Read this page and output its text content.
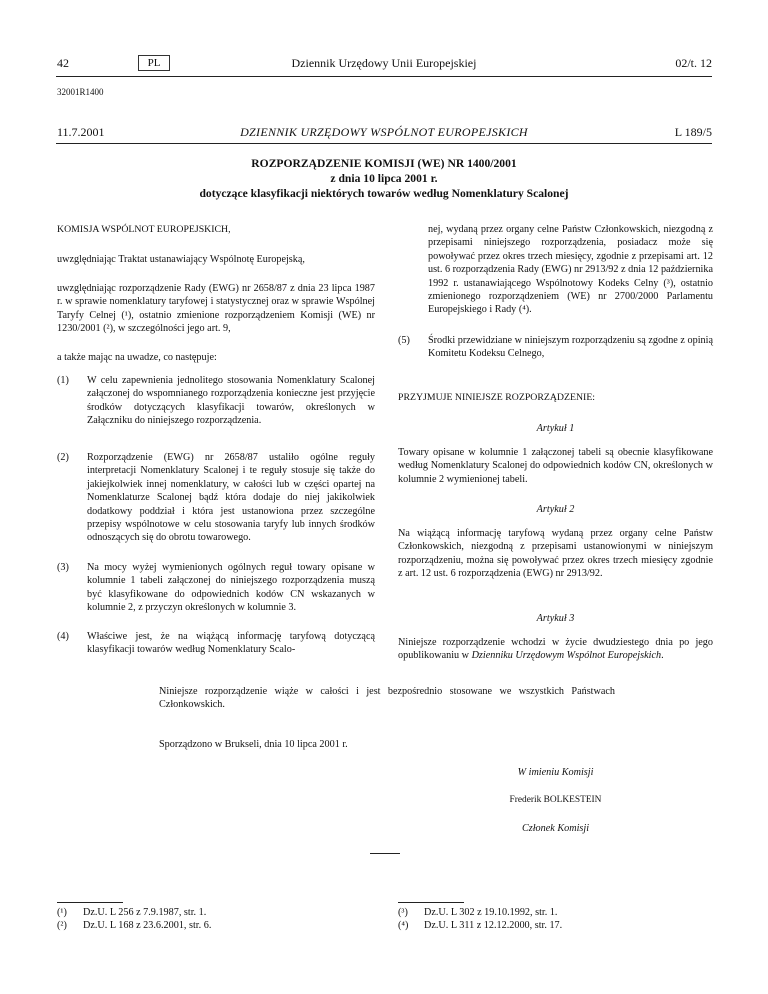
42	PL	Dziennik Urzędowy Unii Europejskiej	02/t. 12
32001R1400
11.7.2001	DZIENNIK URZĘDOWY WSPÓLNOT EUROPEJSKICH	L 189/5
ROZPORZĄDZENIE KOMISJI (WE) NR 1400/2001
z dnia 10 lipca 2001 r.
dotyczące klasyfikacji niektórych towarów według Nomenklatury Scalonej
KOMISJA WSPÓLNOT EUROPEJSKICH,
uwzględniając Traktat ustanawiający Wspólnotę Europejską,
uwzględniając rozporządzenie Rady (EWG) nr 2658/87 z dnia 23 lipca 1987 r. w sprawie nomenklatury taryfowej i statystycznej oraz w sprawie Wspólnej Taryfy Celnej (¹), ostatnio zmienione rozporządzeniem Komisji (WE) nr 1230/2001 (²), w szczególności jego art. 9,
a także mając na uwadze, co następuje:
(1) W celu zapewnienia jednolitego stosowania Nomenklatury Scalonej załączonej do wspomnianego rozporządzenia konieczne jest przyjęcie środków dotyczących klasyfikacji towarów, określonych w Załączniku do niniejszego rozporządzenia.
(2) Rozporządzenie (EWG) nr 2658/87 ustaliło ogólne reguły interpretacji Nomenklatury Scalonej i te reguły stosuje się także do jakiejkolwiek innej nomenklatury, w całości lub w części opartej na Nomenklaturze Scalonej bądź która dodaje do niej jakikolwiek dodatkowy poddział i która jest ustanowiona przez szczególne przepisy wspólnotowe w celu stosowania taryfy lub innych środków odnoszących się do obrotu towarowego.
(3) Na mocy wyżej wymienionych ogólnych reguł towary opisane w kolumnie 1 tabeli załączonej do niniejszego rozporządzenia muszą być klasyfikowane do odpowiednich kodów CN wskazanych w kolumnie 2, z przyczyn określonych w kolumnie 3.
(4) Właściwe jest, że na wiążącą informację taryfową dotyczącą klasyfikacji towarów według Nomenklatury Scalo-
nej, wydaną przez organy celne Państw Członkowskich, niezgodną z przepisami niniejszego rozporządzenia, posiadacz może się powoływać przez okres trzech miesięcy, zgodnie z przepisami art. 12 ust. 6 rozporządzenia Rady (EWG) nr 2913/92 z dnia 12 października 1992 r. ustanawiającego Wspólnotowy Kodeks Celny (³), ostatnio zmienionego rozporządzeniem (WE) nr 2700/2000 Parlamentu Europejskiego i Rady (⁴).
(5) Środki przewidziane w niniejszym rozporządzeniu są zgodne z opinią Komitetu Kodeksu Celnego,
PRZYJMUJE NINIEJSZE ROZPORZĄDZENIE:
Artykuł 1
Towary opisane w kolumnie 1 załączonej tabeli są obecnie klasyfikowane według Nomenklatury Scalonej do odpowiednich kodów CN, określonych w kolumnie 2 wymienionej tabeli.
Artykuł 2
Na wiążącą informację taryfową wydaną przez organy celne Państw Członkowskich, niezgodną z przepisami ustanowionymi w niniejszym rozporządzeniu, można się powoływać przez okres trzech miesięcy zgodnie z art. 12 ust. 6 rozporządzenia (EWG) nr 2913/92.
Artykuł 3
Niniejsze rozporządzenie wchodzi w życie dwudziestego dnia po jego opublikowaniu w Dzienniku Urzędowym Wspólnot Europejskich.
Niniejsze rozporządzenie wiąże w całości i jest bezpośrednio stosowane we wszystkich Państwach Członkowskich.
Sporządzono w Brukseli, dnia 10 lipca 2001 r.
W imieniu Komisji
Frederik BOLKESTEIN
Członek Komisji
(¹) Dz.U. L 256 z 7.9.1987, str. 1.
(²) Dz.U. L 168 z 23.6.2001, str. 6.
(³) Dz.U. L 302 z 19.10.1992, str. 1.
(⁴) Dz.U. L 311 z 12.12.2000, str. 17.
